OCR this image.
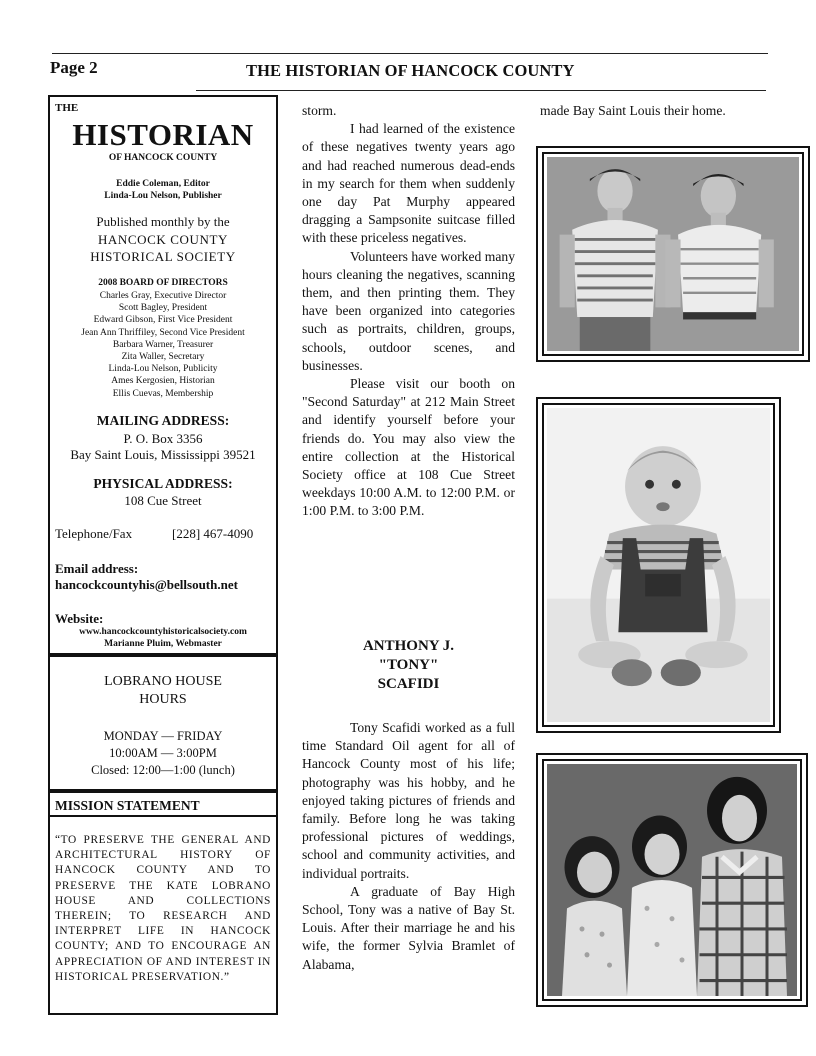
Page 2	THE HISTORIAN OF HANCOCK COUNTY
THE
HISTORIAN
OF HANCOCK COUNTY
Eddie Coleman, Editor
Linda-Lou Nelson, Publisher
Published monthly by the
HANCOCK COUNTY
HISTORICAL SOCIETY
2008 BOARD OF DIRECTORS
Charles Gray, Executive Director
Scott Bagley, President
Edward Gibson, First Vice President
Jean Ann Thriffiley, Second Vice President
Barbara Warner, Treasurer
Zita Waller, Secretary
Linda-Lou Nelson, Publicity
Ames Kergosien, Historian
Ellis Cuevas, Membership
MAILING ADDRESS:
P. O. Box 3356
Bay Saint Louis, Mississippi 39521
PHYSICAL ADDRESS:
108 Cue Street
Telephone/Fax	[228] 467-4090
Email address:
hancockcountyhis@bellsouth.net
Website:
www.hancockcountyhistoricalsociety.com
Marianne Pluim, Webmaster
LOBRANO HOUSE
HOURS
MONDAY — FRIDAY
10:00AM — 3:00PM
Closed: 12:00—1:00 (lunch)
MISSION STATEMENT
“TO PRESERVE THE GENERAL AND ARCHITECTURAL HISTORY OF HANCOCK COUNTY AND TO PRESERVE THE KATE LOBRANO HOUSE AND COLLECTIONS THEREIN; TO RESEARCH AND INTERPRET LIFE IN HANCOCK COUNTY; AND TO ENCOURAGE AN APPRECIATION OF AND INTEREST IN HISTORICAL PRESERVATION.”

storm.

I had learned of the existence of these negatives twenty years ago and had reached numerous dead-ends in my search for them when suddenly one day Pat Murphy appeared dragging a Sampsonite suitcase filled with these priceless negatives.

Volunteers have worked many hours cleaning the negatives, scanning them, and then printing them. They have been organized into categories such as portraits, children, groups, schools, outdoor scenes, and businesses.

Please visit our booth on "Second Saturday" at 212 Main Street and identify yourself before your friends do. You may also view the entire collection at the Historical Society office at 108 Cue Street weekdays 10:00 A.M. to 12:00 P.M. or 1:00 P.M. to 3:00 P.M.

ANTHONY J.
"TONY"
SCAFIDI

Tony Scafidi worked as a full time Standard Oil agent for all of Hancock County most of his life; photography was his hobby, and he enjoyed taking pictures of friends and family. Before long he was taking professional pictures of weddings, school and community activities, and individual portraits.

A graduate of Bay High School, Tony was a native of Bay St. Louis. After their marriage he and his wife, the former Sylvia Bramlet of Alabama,

made Bay Saint Louis their home.
